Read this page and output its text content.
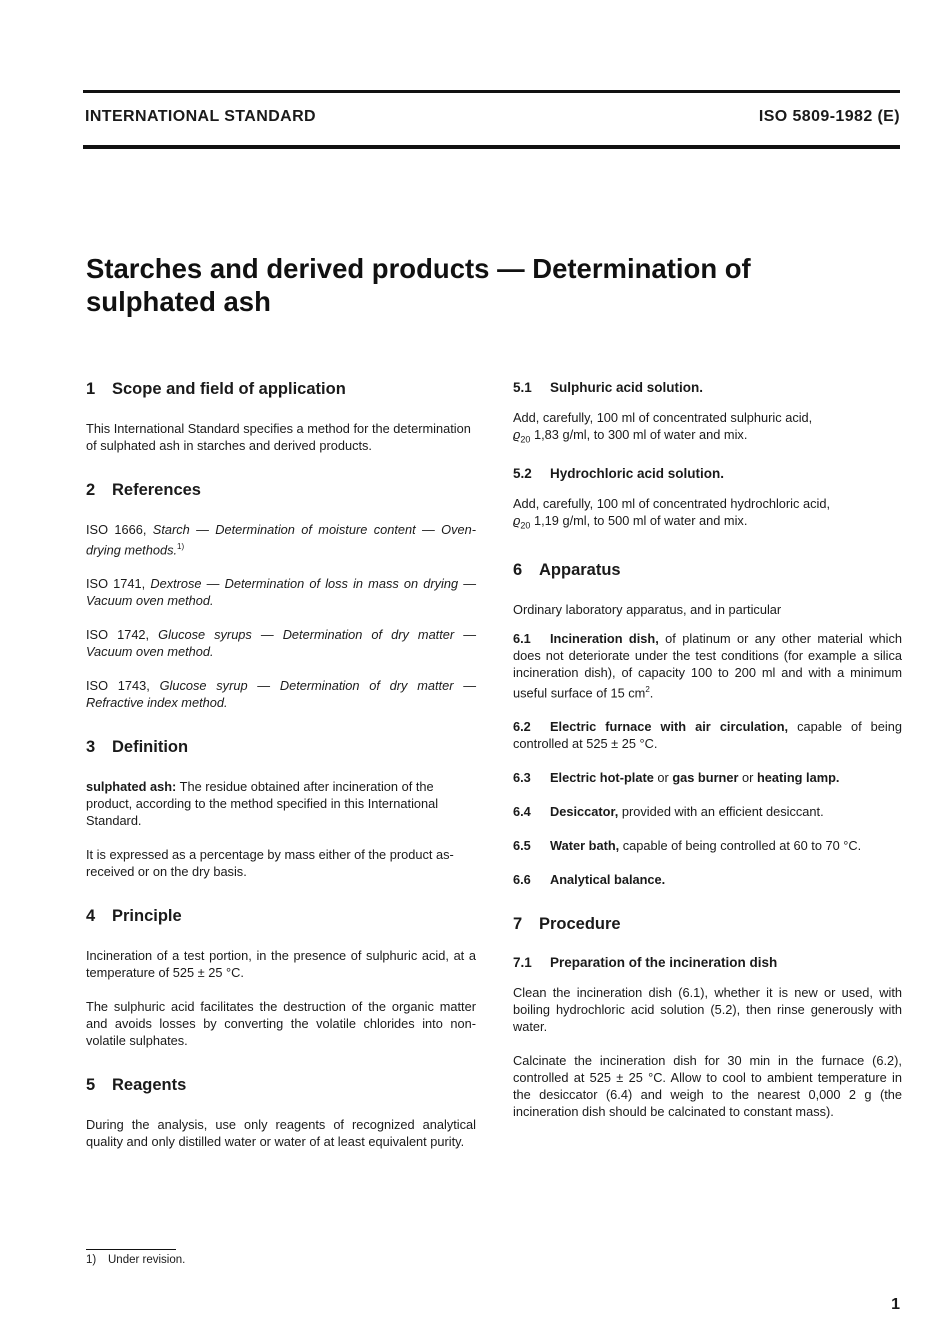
INTERNATIONAL STANDARD	ISO 5809-1982 (E)
Starches and derived products — Determination of
sulphated ash
1 Scope and field of application

This International Standard specifies a method for the determination of sulphated ash in starches and derived products.

2 References

ISO 1666, Starch — Determination of moisture content — Oven-drying methods.$^{1)}$

ISO 1741, Dextrose — Determination of loss in mass on drying — Vacuum oven method.

ISO 1742, Glucose syrups — Determination of dry matter — Vacuum oven method.

ISO 1743, Glucose syrup — Determination of dry matter — Refractive index method.

3 Definition

sulphated ash: The residue obtained after incineration of the product, according to the method specified in this International Standard.

It is expressed as a percentage by mass either of the product as-received or on the dry basis.

4 Principle

Incineration of a test portion, in the presence of sulphuric acid, at a temperature of 525 ± 25 °C.

The sulphuric acid facilitates the destruction of the organic matter and avoids losses by converting the volatile chlorides into non-volatile sulphates.

5 Reagents

During the analysis, use only reagents of recognized analytical quality and only distilled water or water of at least equivalent purity.

5.1 Sulphuric acid solution.

Add, carefully, 100 ml of concentrated sulphuric acid,
$ϱ_{20}$ 1,83 g/ml, to 300 ml of water and mix.

5.2 Hydrochloric acid solution.

Add, carefully, 100 ml of concentrated hydrochloric acid,
$ϱ_{20}$ 1,19 g/ml, to 500 ml of water and mix.

6 Apparatus

Ordinary laboratory apparatus, and in particular

6.1 Incineration dish, of platinum or any other material which does not deteriorate under the test conditions (for example a silica incineration dish), of capacity 100 to 200 ml and with a minimum useful surface of 15 $cm^2$.

6.2 Electric furnace with air circulation, capable of being controlled at 525 ± 25 °C.

6.3 Electric hot-plate or gas burner or heating lamp.

6.4 Desiccator, provided with an efficient desiccant.

6.5 Water bath, capable of being controlled at 60 to 70 °C.

6.6 Analytical balance.

7 Procedure
7.1 Preparation of the incineration dish

Clean the incineration dish (6.1), whether it is new or used, with boiling hydrochloric acid solution (5.2), then rinse generously with water.

Calcinate the incineration dish for 30 min in the furnace (6.2), controlled at 525 ± 25 °C. Allow to cool to ambient temperature in the desiccator (6.4) and weigh to the nearest 0,000 2 g (the incineration dish should be calcinated to constant mass).

1) Under revision.
1
